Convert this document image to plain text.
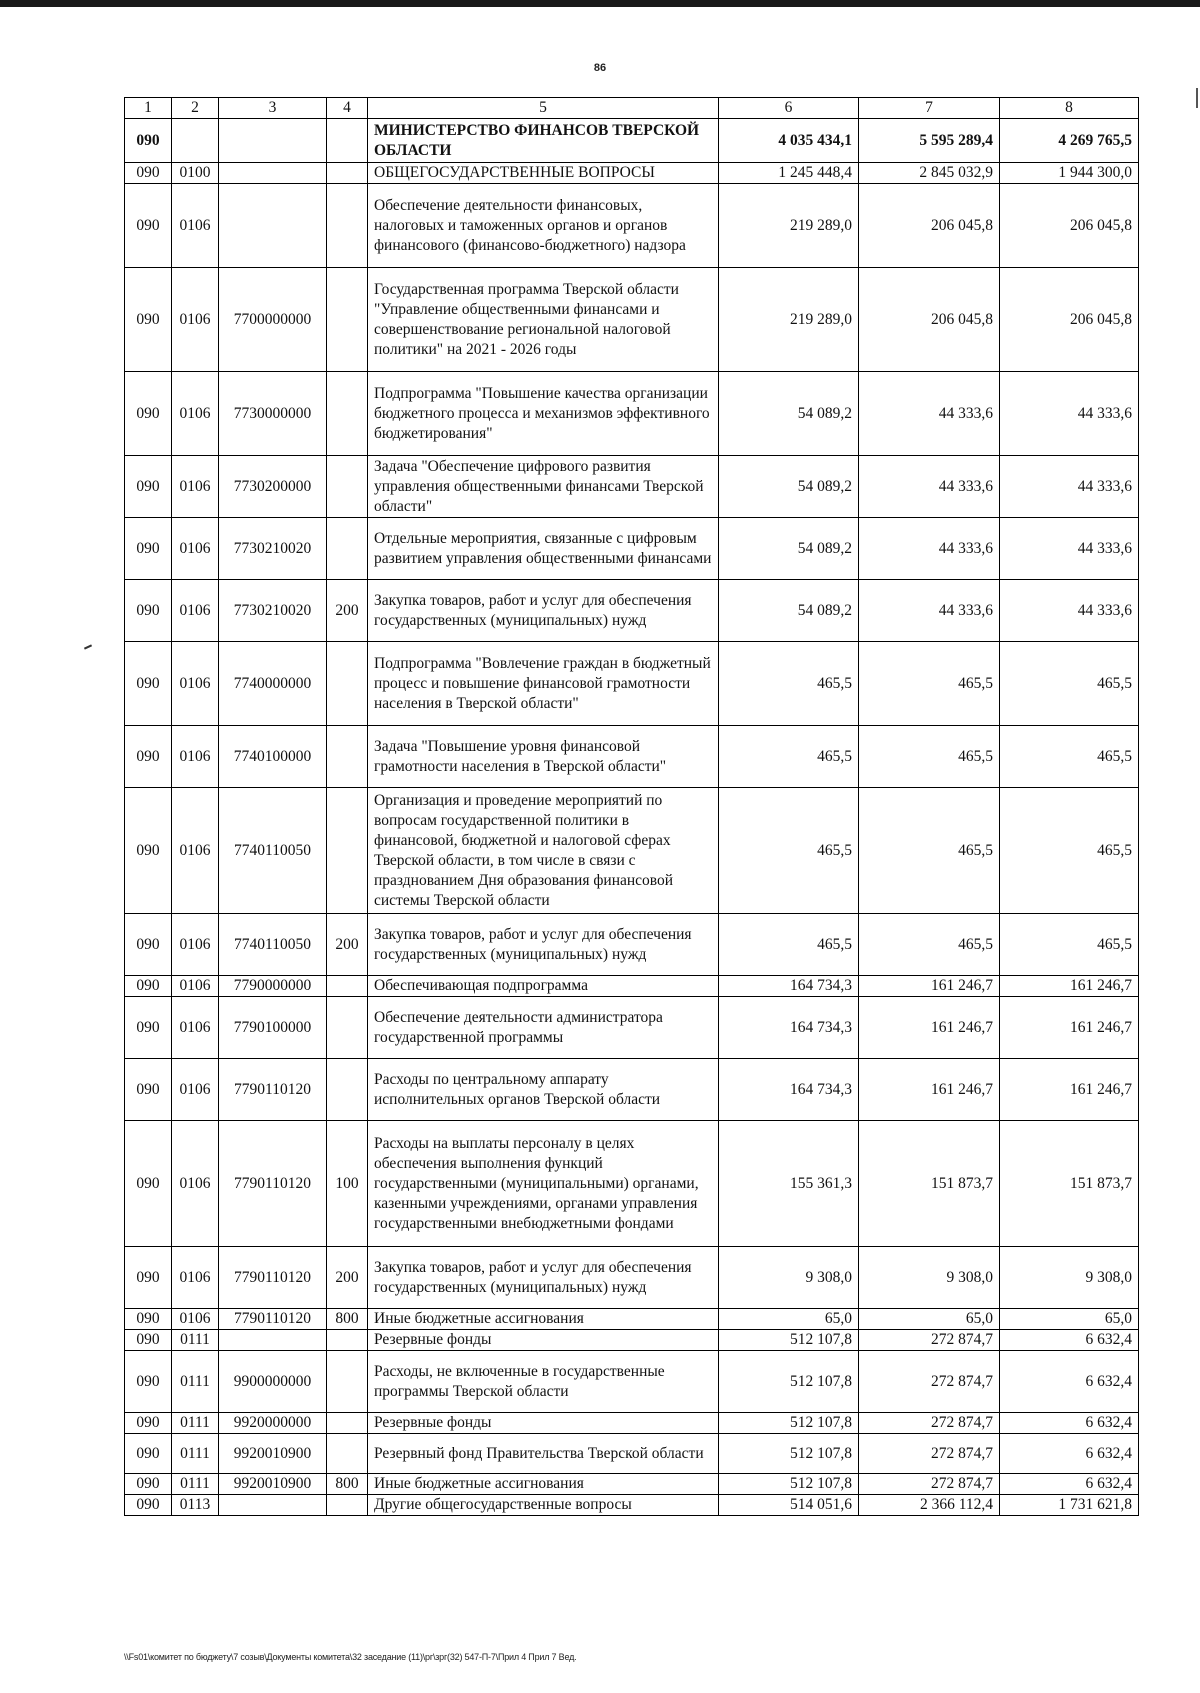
86
1	2	3	4	5	6	7	8
090				МИНИСТЕРСТВО ФИНАНСОВ ТВЕРСКОЙ ОБЛАСТИ	4 035 434,1	5 595 289,4	4 269 765,5
090	0100			ОБЩЕГОСУДАРСТВЕННЫЕ ВОПРОСЫ	1 245 448,4	2 845 032,9	1 944 300,0
090	0106			Обеспечение деятельности финансовых, налоговых и таможенных органов и органов финансового (финансово-бюджетного) надзора	219 289,0	206 045,8	206 045,8
090	0106	7700000000		Государственная программа Тверской области "Управление общественными финансами и совершенствование региональной налоговой политики" на 2021 - 2026 годы	219 289,0	206 045,8	206 045,8
090	0106	7730000000		Подпрограмма "Повышение качества организации бюджетного процесса и механизмов эффективного бюджетирования"	54 089,2	44 333,6	44 333,6
090	0106	7730200000		Задача "Обеспечение цифрового развития управления общественными финансами Тверской области"	54 089,2	44 333,6	44 333,6
090	0106	7730210020		Отдельные мероприятия, связанные с цифровым развитием управления общественными финансами	54 089,2	44 333,6	44 333,6
090	0106	7730210020	200	Закупка товаров, работ и услуг для обеспечения государственных (муниципальных) нужд	54 089,2	44 333,6	44 333,6
090	0106	7740000000		Подпрограмма "Вовлечение граждан в бюджетный процесс и повышение финансовой грамотности населения в Тверской области"	465,5	465,5	465,5
090	0106	7740100000		Задача "Повышение уровня финансовой грамотности населения в Тверской области"	465,5	465,5	465,5
090	0106	7740110050		Организация и проведение мероприятий по вопросам государственной политики в финансовой, бюджетной и налоговой сферах Тверской области, в том числе в связи с празднованием Дня образования финансовой системы Тверской области	465,5	465,5	465,5
090	0106	7740110050	200	Закупка товаров, работ и услуг для обеспечения государственных (муниципальных) нужд	465,5	465,5	465,5
090	0106	7790000000		Обеспечивающая подпрограмма	164 734,3	161 246,7	161 246,7
090	0106	7790100000		Обеспечение деятельности администратора государственной программы	164 734,3	161 246,7	161 246,7
090	0106	7790110120		Расходы по центральному аппарату исполнительных органов Тверской области	164 734,3	161 246,7	161 246,7
090	0106	7790110120	100	Расходы на выплаты персоналу в целях обеспечения выполнения функций государственными (муниципальными) органами, казенными учреждениями, органами управления государственными внебюджетными фондами	155 361,3	151 873,7	151 873,7
090	0106	7790110120	200	Закупка товаров, работ и услуг для обеспечения государственных (муниципальных) нужд	9 308,0	9 308,0	9 308,0
090	0106	7790110120	800	Иные бюджетные ассигнования	65,0	65,0	65,0
090	0111			Резервные фонды	512 107,8	272 874,7	6 632,4
090	0111	9900000000		Расходы, не включенные в государственные программы Тверской области	512 107,8	272 874,7	6 632,4
090	0111	9920000000		Резервные фонды	512 107,8	272 874,7	6 632,4
090	0111	9920010900		Резервный фонд Правительства Тверской области	512 107,8	272 874,7	6 632,4
090	0111	9920010900	800	Иные бюджетные ассигнования	512 107,8	272 874,7	6 632,4
090	0113			Другие общегосударственные вопросы	514 051,6	2 366 112,4	1 731 621,8
\\Fs01\комитет по бюджету\7 созыв\Документы комитета\32 заседание (11)\рг\зрг(32) 547-П-7\Прил 4 Прил 7 Вед.
